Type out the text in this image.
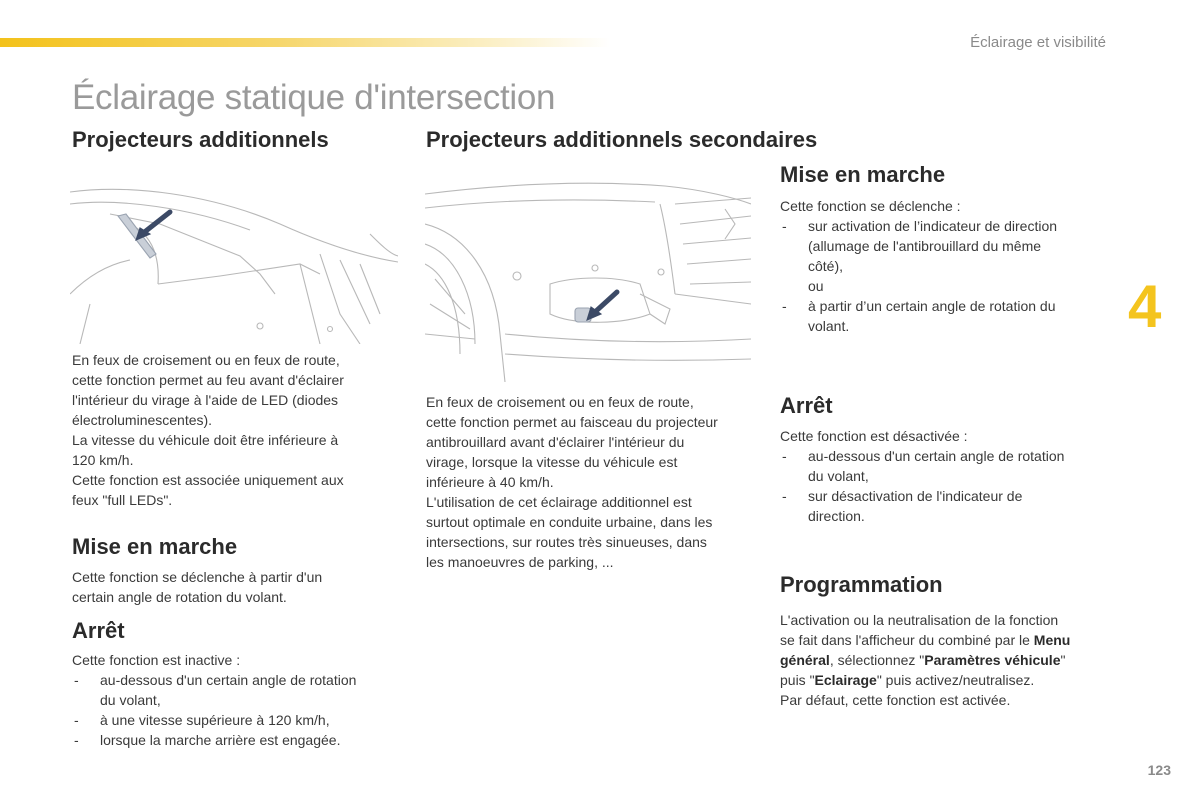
Éclairage et visibilité
Éclairage statique d'intersection
Projecteurs additionnels
En feux de croisement ou en feux de route,
cette fonction permet au feu avant d'éclairer
l'intérieur du virage à l'aide de LED (diodes
électroluminescentes).
La vitesse du véhicule doit être inférieure à
120 km/h.
Cette fonction est associée uniquement aux
feux "full LEDs".
Mise en marche
Cette fonction se déclenche à partir d'un
certain angle de rotation du volant.
Arrêt
Cette fonction est inactive :
- au-dessous d'un certain angle de rotation
du volant,
- à une vitesse supérieure à 120 km/h,
- lorsque la marche arrière est engagée.
Projecteurs additionnels secondaires
En feux de croisement ou en feux de route,
cette fonction permet au faisceau du projecteur
antibrouillard avant d'éclairer l'intérieur du
virage, lorsque la vitesse du véhicule est
inférieure à 40 km/h.
L'utilisation de cet éclairage additionnel est
surtout optimale en conduite urbaine, dans les
intersections, sur routes très sinueuses, dans
les manoeuvres de parking, ...
Mise en marche
Cette fonction se déclenche :
- sur activation de l’indicateur de direction
(allumage de l'antibrouillard du même
côté),
ou
- à partir d’un certain angle de rotation du
volant.
Arrêt
Cette fonction est désactivée :
- au-dessous d'un certain angle de rotation
du volant,
- sur désactivation de l'indicateur de
direction.
Programmation
L'activation ou la neutralisation de la fonction
se fait dans l'afficheur du combiné par le Menu
général, sélectionnez "Paramètres véhicule"
puis "Eclairage" puis activez/neutralisez.
Par défaut, cette fonction est activée.
4
123
